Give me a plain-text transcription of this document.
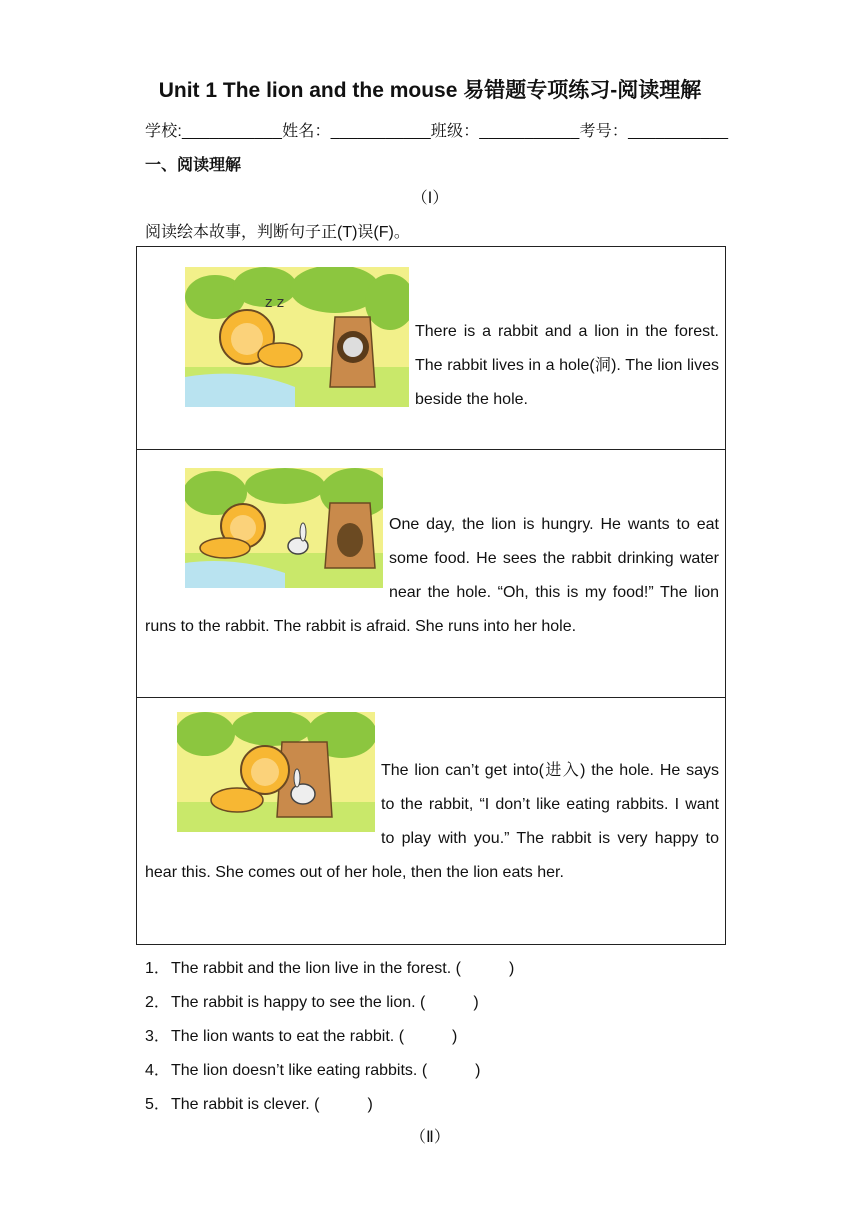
Unit 1 The lion and the mouse 易错题专项练习-阅读理解
学校:___________姓名：___________班级：___________考号：___________
一、阅读理解
（Ⅰ）
阅读绘本故事，判断句子正(T)误(F)。
z z
There is a rabbit and a lion in the forest. The rabbit lives in a hole(洞). The lion lives beside the hole.
One day, the lion is hungry. He wants to eat some food. He sees the rabbit drinking water near the hole. “Oh, this is my food!” The lion runs to the rabbit. The rabbit is afraid. She runs into her hole.
The lion can’t get into(进入) the hole. He says to the rabbit, “I don’t like eating rabbits. I want to play with you.” The rabbit is very happy to hear this. She comes out of her hole, then the lion eats her.
1．The rabbit and the lion live in the forest. (　　　)
2．The rabbit is happy to see the lion. (　　　)
3．The lion wants to eat the rabbit. (　　　)
4．The lion doesn’t like eating rabbits. (　　　)
5．The rabbit is clever. (　　　)
（Ⅱ）
